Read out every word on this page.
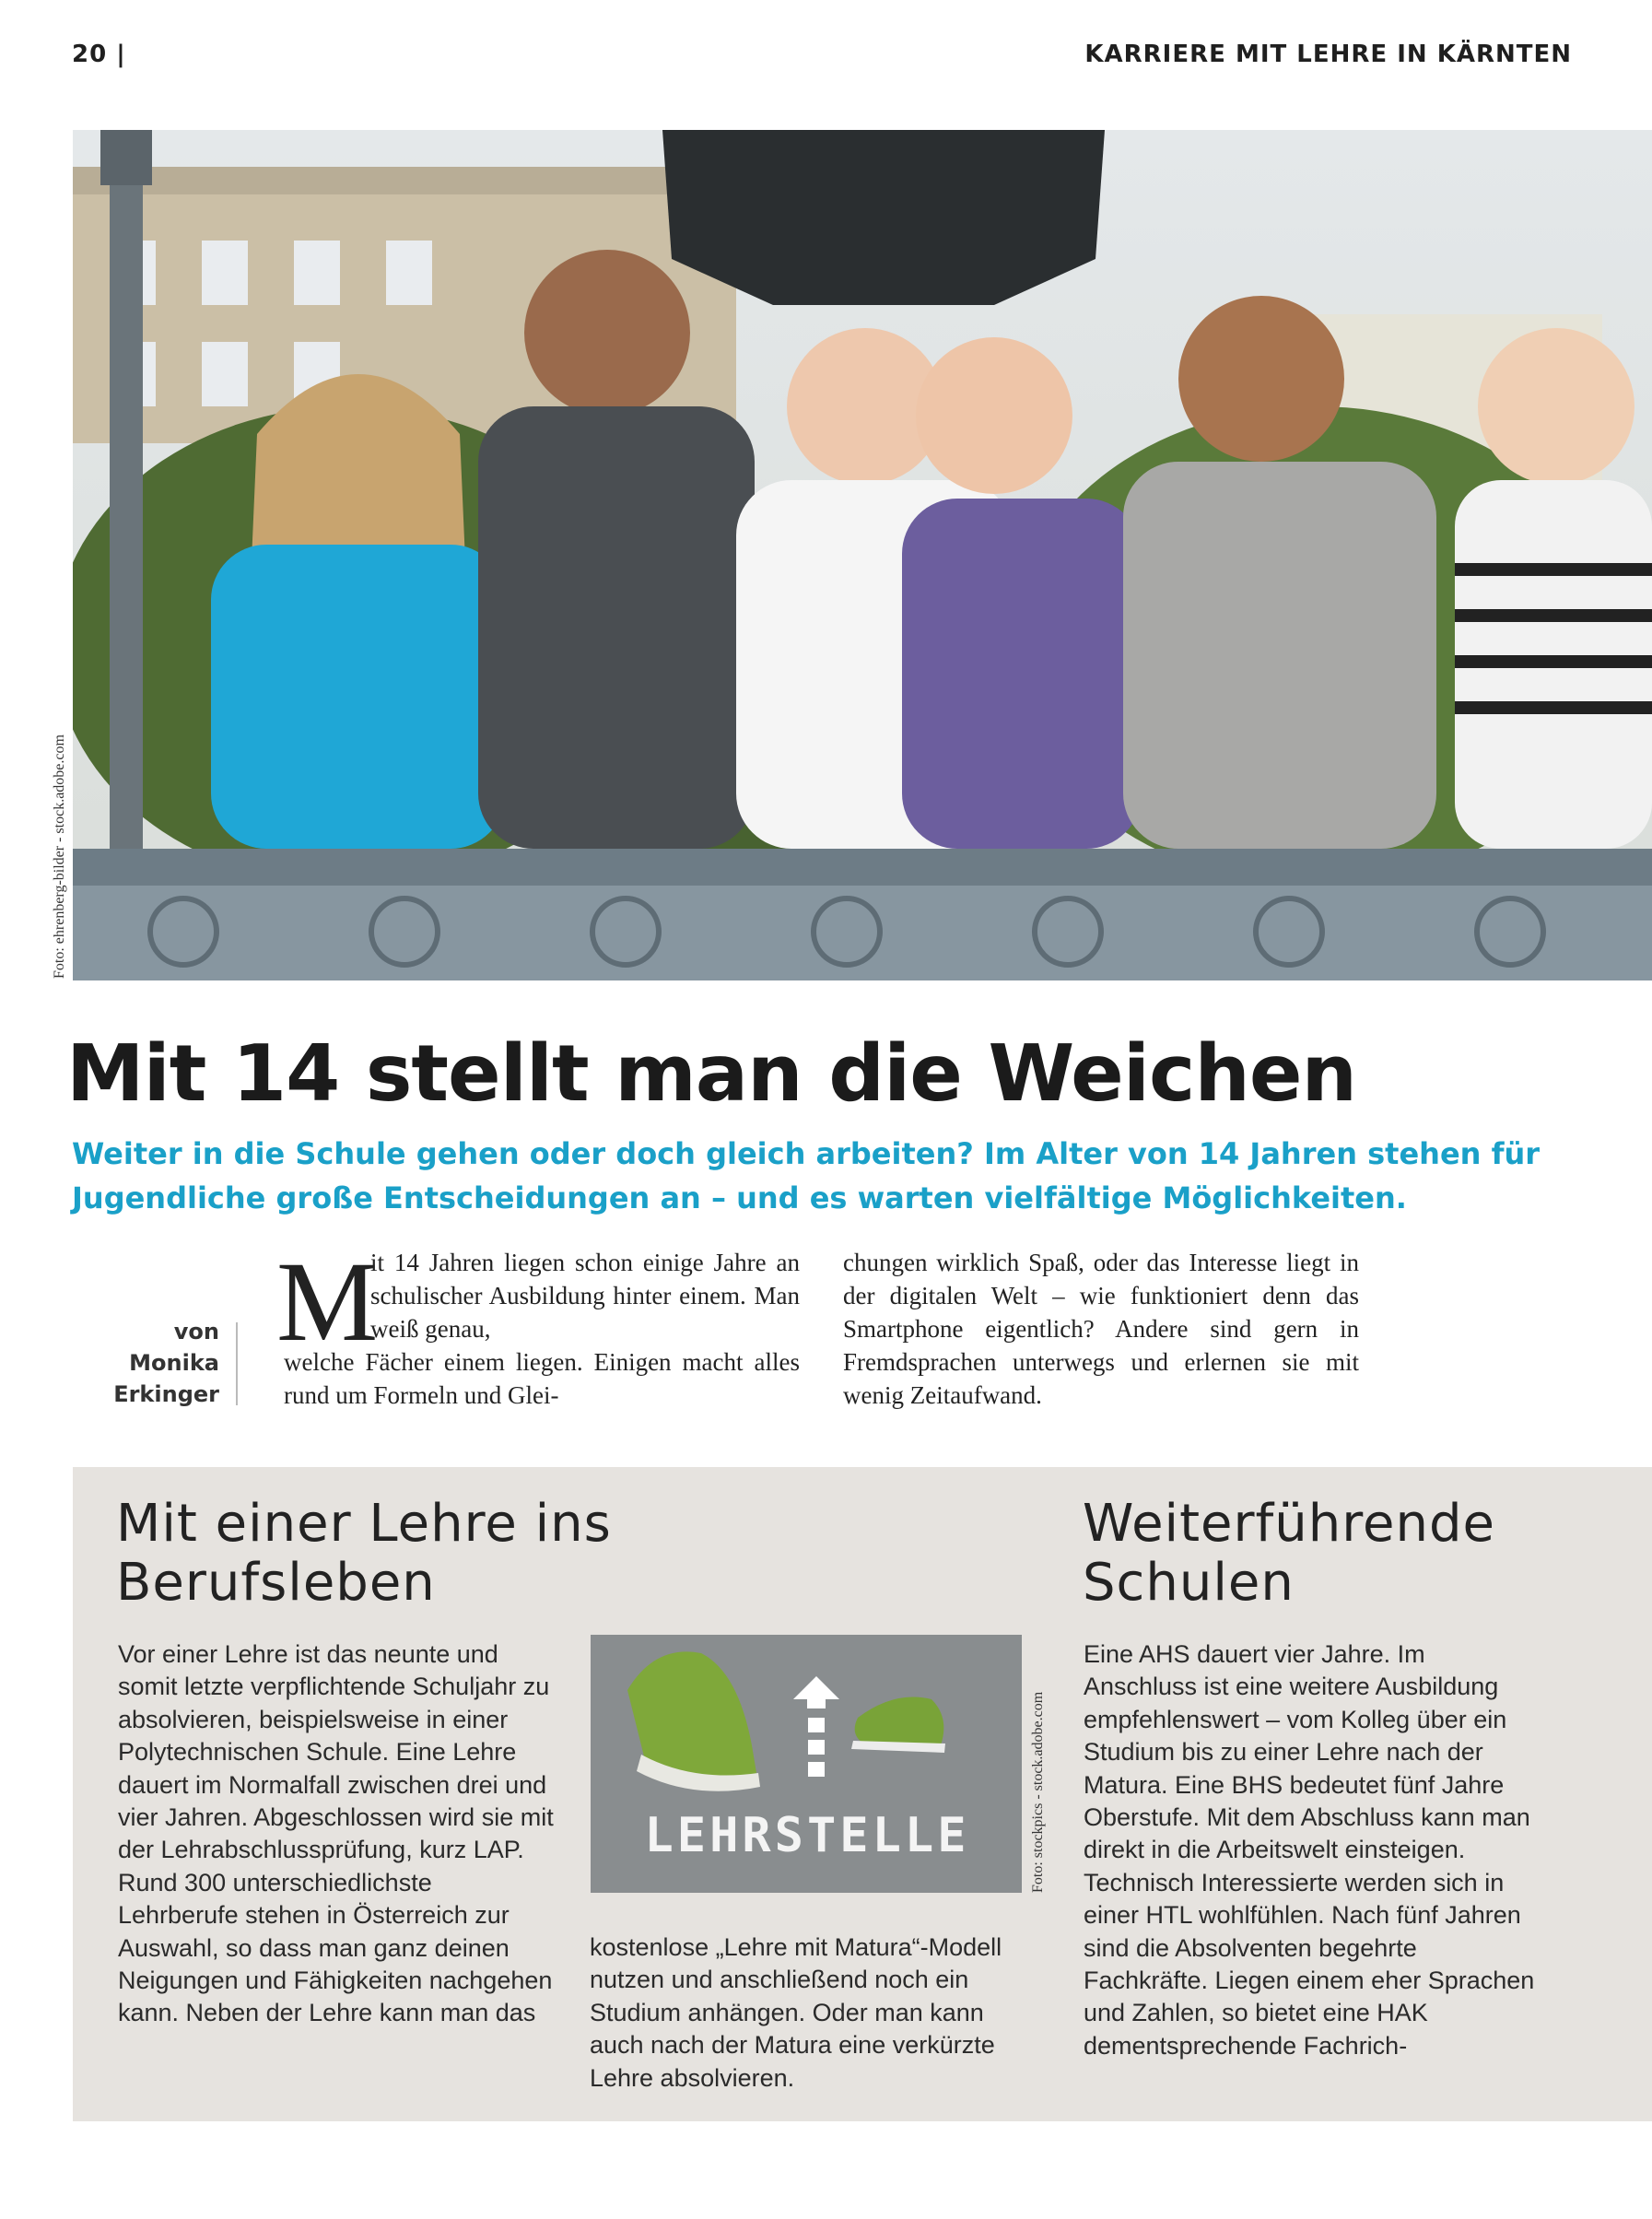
20 |	KARRIERE MIT LEHRE IN KÄRNTEN
Foto: ehrenberg-bilder - stock.adobe.com
Mit 14 stellt man die Weichen
Weiter in die Schule gehen oder doch gleich arbeiten? Im Alter von 14 Jahren stehen für Jugendliche große Entscheidungen an – und es warten vielfältige Möglichkeiten.
von Monika Erkinger
M
it 14 Jahren liegen schon einige Jahre an schulischer Ausbildung hinter einem. Man weiß genau,
welche Fächer einem liegen. Einigen macht alles rund um Formeln und Glei-
chungen wirklich Spaß, oder das Interesse liegt in der digitalen Welt – wie funktioniert denn das Smartphone eigentlich? Andere sind gern in Fremdsprachen unterwegs und erlernen sie mit wenig Zeitaufwand.
Mit einer Lehre ins Berufsleben
Weiterführende Schulen
Vor einer Lehre ist das neunte und somit letzte verpflichtende Schuljahr zu absolvieren, beispielsweise in einer Polytechnischen Schule. Eine Lehre dauert im Normalfall zwischen drei und vier Jahren. Abgeschlossen wird sie mit der Lehrabschlussprüfung, kurz LAP. Rund 300 unterschiedlichste Lehrberufe stehen in Österreich zur Auswahl, so dass man ganz deinen Neigungen und Fähigkeiten nachgehen kann. Neben der Lehre kann man das
LEHRSTELLE	Foto: stockpics - stock.adobe.com
kostenlose „Lehre mit Matura“-Modell nutzen und anschließend noch ein Studium anhängen. Oder man kann auch nach der Matura eine verkürzte Lehre absolvieren.
Eine AHS dauert vier Jahre. Im Anschluss ist eine weitere Ausbildung empfehlenswert – vom Kolleg über ein Studium bis zu einer Lehre nach der Matura. Eine BHS bedeutet fünf Jahre Oberstufe. Mit dem Abschluss kann man direkt in die Arbeitswelt einsteigen. Technisch Interessierte werden sich in einer HTL wohlfühlen. Nach fünf Jahren sind die Absolventen begehrte Fachkräfte. Liegen einem eher Sprachen und Zahlen, so bietet eine HAK dementsprechende Fachrich-
